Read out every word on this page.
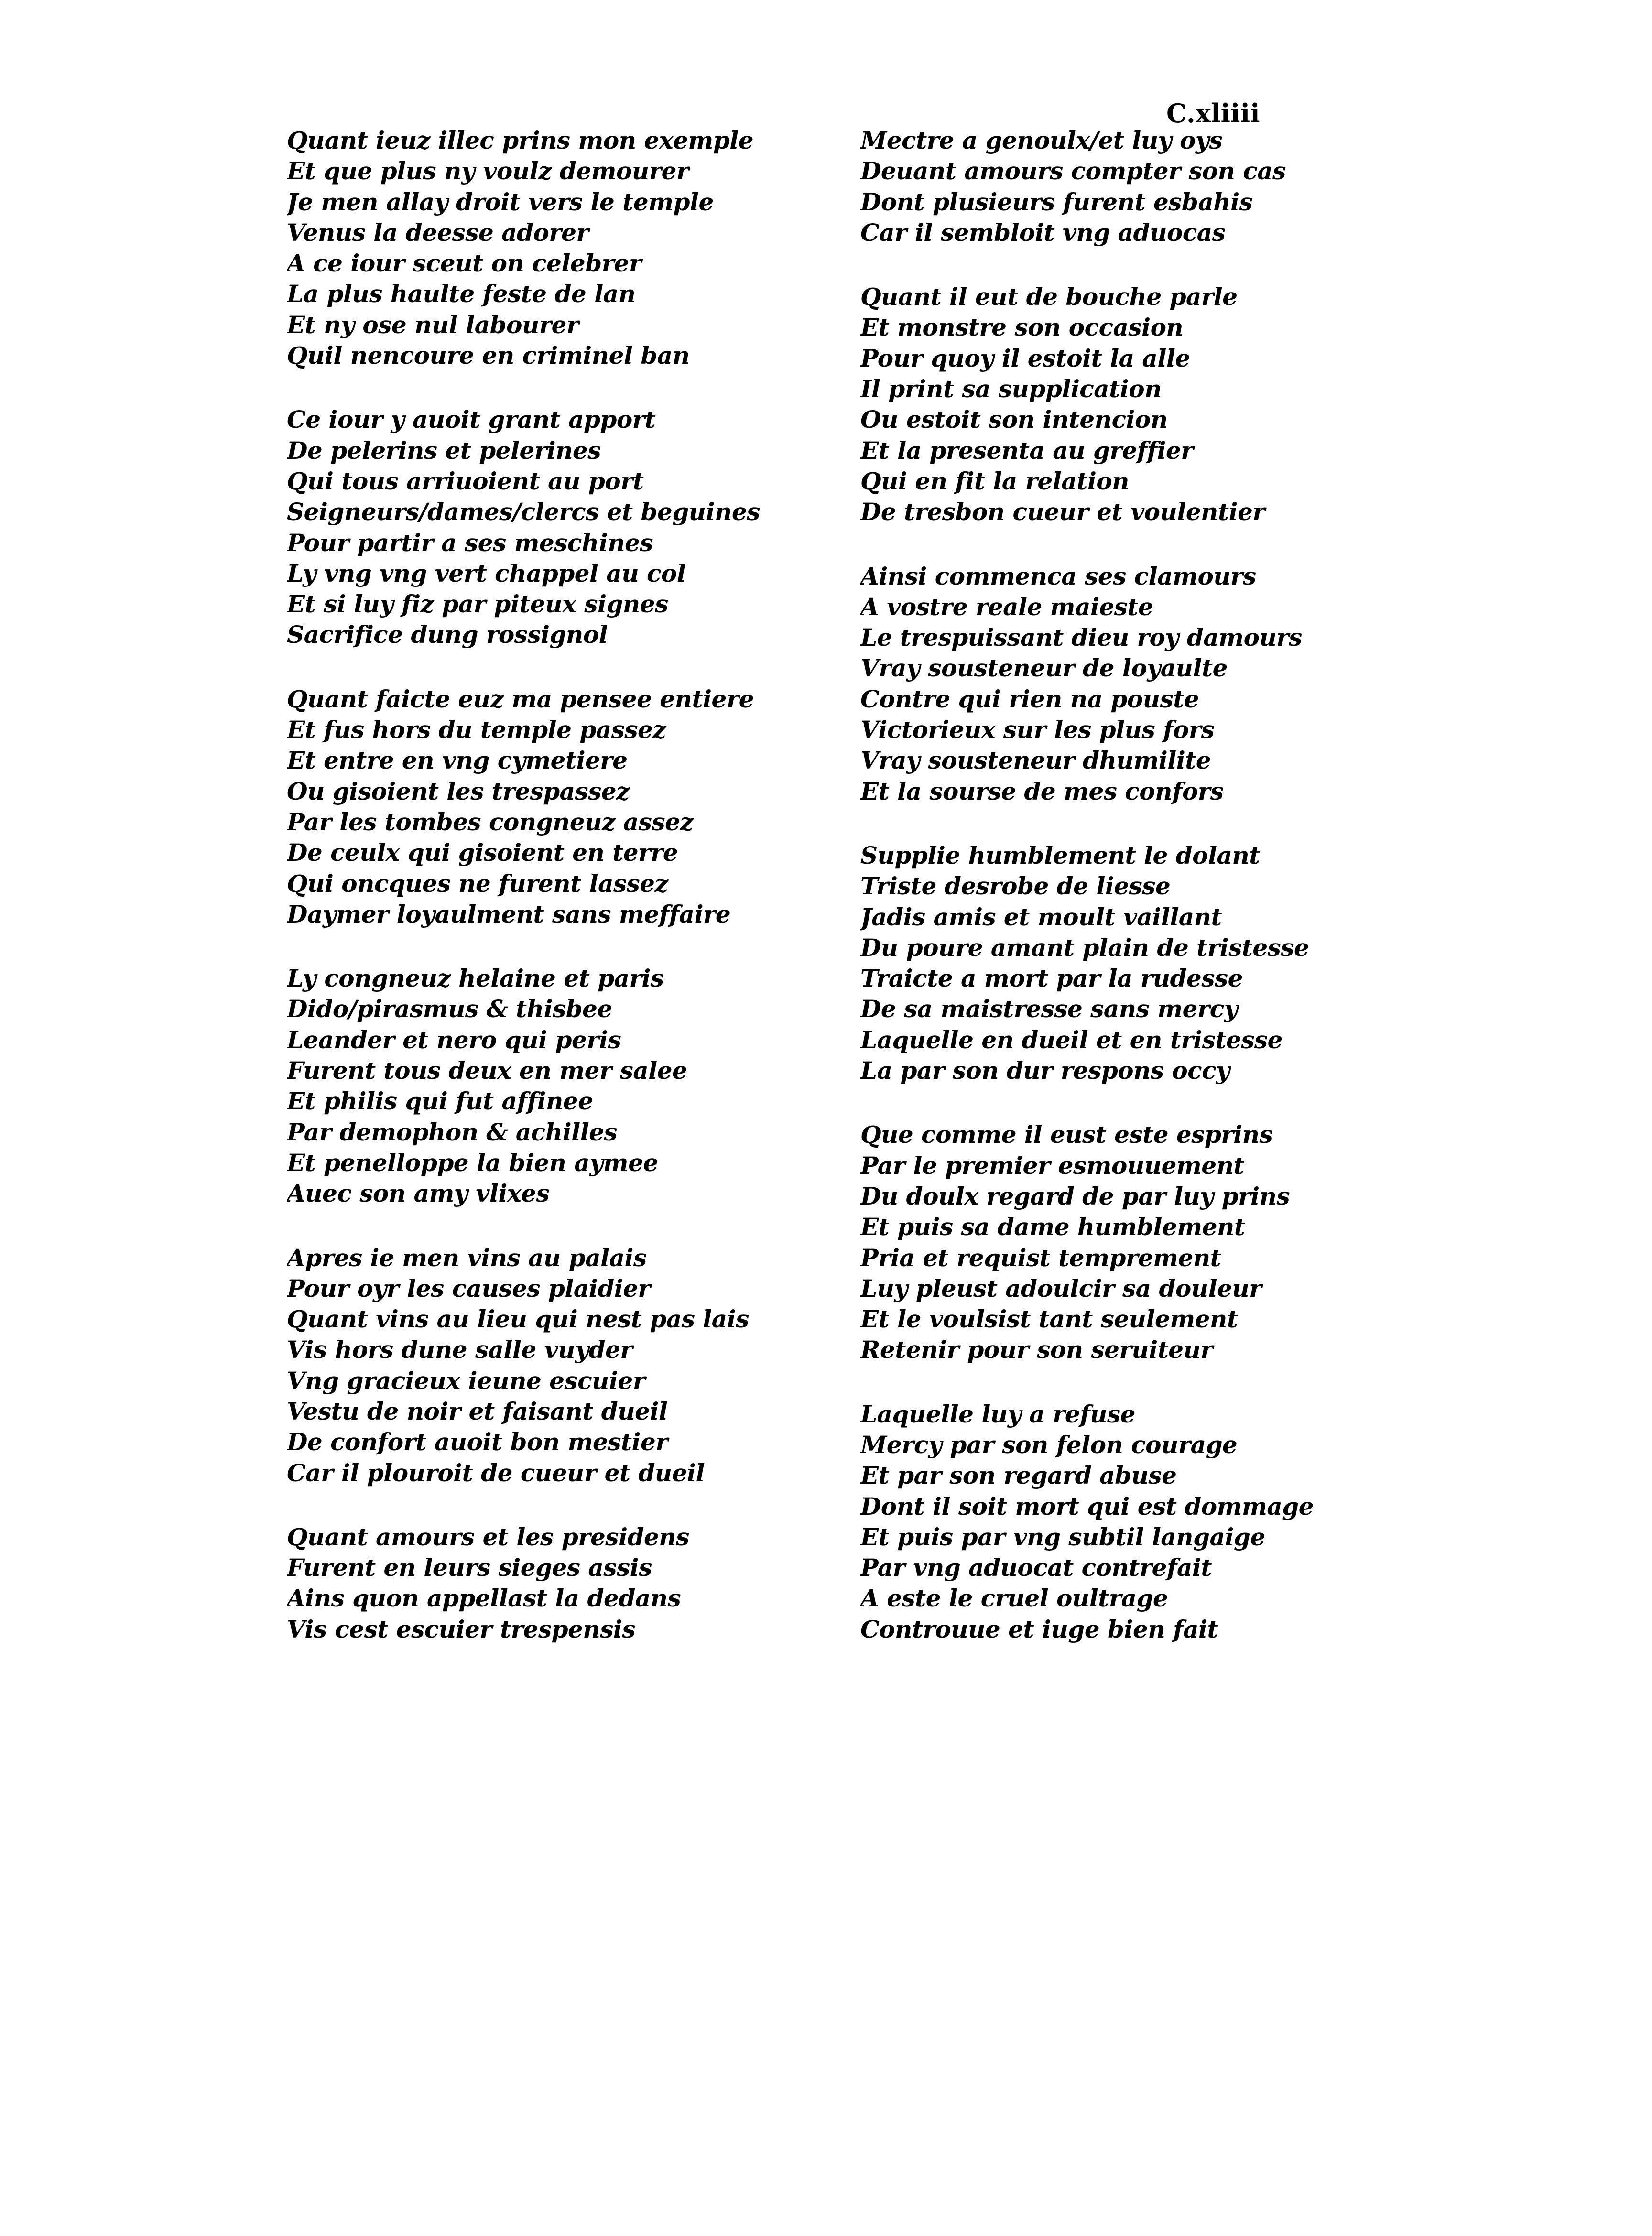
C.xliiii
Quant ieuz illec prins mon exemple
Et que plus ny voulz demourer
Je men allay droit vers le temple
Venus la deesse adorer
A ce iour sceut on celebrer
La plus haulte feste de lan
Et ny ose nul labourer
Quil nencoure en criminel ban
Ce iour y auoit grant apport
De pelerins et pelerines
Qui tous arriuoient au port
Seigneurs/dames/clercs et beguines
Pour partir a ses meschines
Ly vng vng vert chappel au col
Et si luy fiz par piteux signes
Sacrifice dung rossignol
Quant faicte euz ma pensee entiere
Et fus hors du temple passez
Et entre en vng cymetiere
Ou gisoient les trespassez
Par les tombes congneuz assez
De ceulx qui gisoient en terre
Qui oncques ne furent lassez
Daymer loyaulment sans meffaire
Ly congneuz helaine et paris
Dido/pirasmus & thisbee
Leander et nero qui peris
Furent tous deux en mer salee
Et philis qui fut affinee
Par demophon & achilles
Et penelloppe la bien aymee
Auec son amy vlixes
Apres ie men vins au palais
Pour oyr les causes plaidier
Quant vins au lieu qui nest pas lais
Vis hors dune salle vuyder
Vng gracieux ieune escuier
Vestu de noir et faisant dueil
De confort auoit bon mestier
Car il plouroit de cueur et dueil
Quant amours et les presidens
Furent en leurs sieges assis
Ains quon appellast la dedans
Vis cest escuier trespensis
Mectre a genoulx/et luy oys
Deuant amours compter son cas
Dont plusieurs furent esbahis
Car il sembloit vng aduocas
Quant il eut de bouche parle
Et monstre son occasion
Pour quoy il estoit la alle
Il print sa supplication
Ou estoit son intencion
Et la presenta au greffier
Qui en fit la relation
De tresbon cueur et voulentier
Ainsi commenca ses clamours
A vostre reale maieste
Le trespuissant dieu roy damours
Vray sousteneur de loyaulte
Contre qui rien na pouste
Victorieux sur les plus fors
Vray sousteneur dhumilite
Et la sourse de mes confors
Supplie humblement le dolant
Triste desrobe de liesse
Jadis amis et moult vaillant
Du poure amant plain de tristesse
Traicte a mort par la rudesse
De sa maistresse sans mercy
Laquelle en dueil et en tristesse
La par son dur respons occy
Que comme il eust este esprins
Par le premier esmouuement
Du doulx regard de par luy prins
Et puis sa dame humblement
Pria et requist temprement
Luy pleust adoulcir sa douleur
Et le voulsist tant seulement
Retenir pour son seruiteur
Laquelle luy a refuse
Mercy par son felon courage
Et par son regard abuse
Dont il soit mort qui est dommage
Et puis par vng subtil langaige
Par vng aduocat contrefait
A este le cruel oultrage
Controuue et iuge bien fait
